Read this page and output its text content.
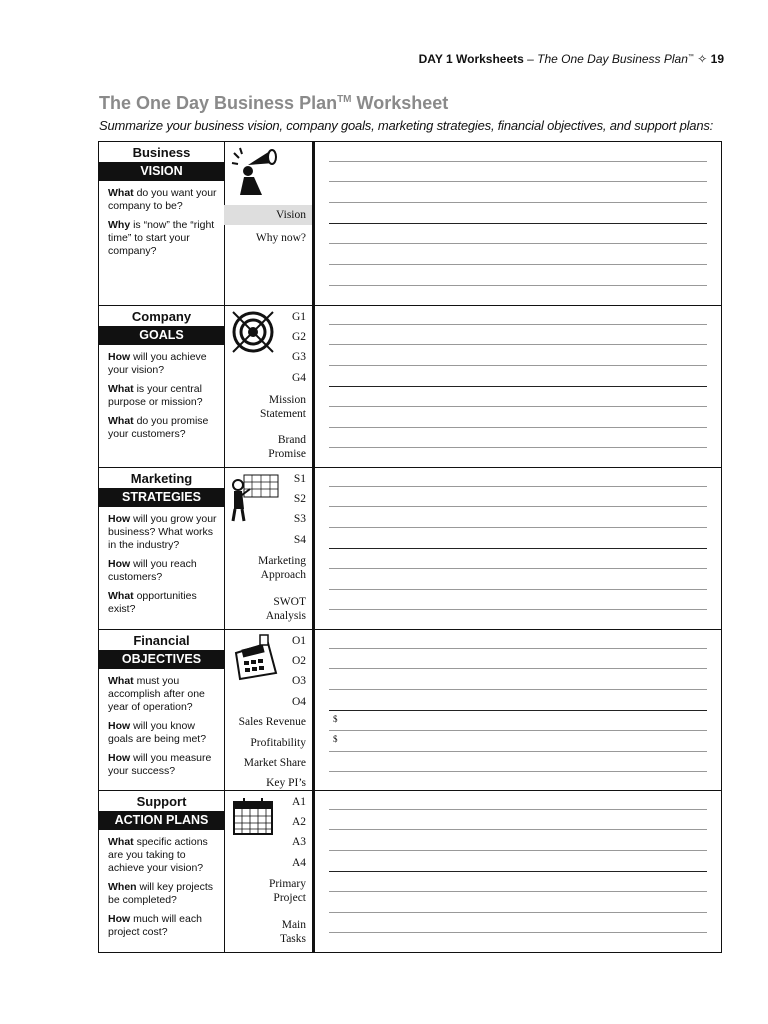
DAY 1 Worksheets – The One Day Business Plan™ ✧ 19
The One Day Business Plan™ Worksheet
Summarize your business vision, company goals, marketing strategies, financial objectives, and support plans:
Business
VISION
What do you want your company to be?
Why is “now” the “right time” to start your company?
Vision
Why now?
Company
GOALS
How will you achieve your vision?
What is your central purpose or mission?
What do you promise your customers?
G1
G2
G3
G4
Mission Statement
Brand Promise
Marketing
STRATEGIES
How will you grow your business? What works in the industry?
How will you reach customers?
What opportunities exist?
S1
S2
S3
S4
Marketing Approach
SWOT Analysis
Financial
OBJECTIVES
What must you accomplish after one year of operation?
How will you know goals are being met?
How will you measure your success?
O1
O2
O3
O4
Sales Revenue
Profitability
Market Share
Key PI’s
$
$
Support
ACTION PLANS
What specific actions are you taking to achieve your vision?
When will key projects be completed?
How much will each project cost?
A1
A2
A3
A4
Primary Project
Main Tasks
